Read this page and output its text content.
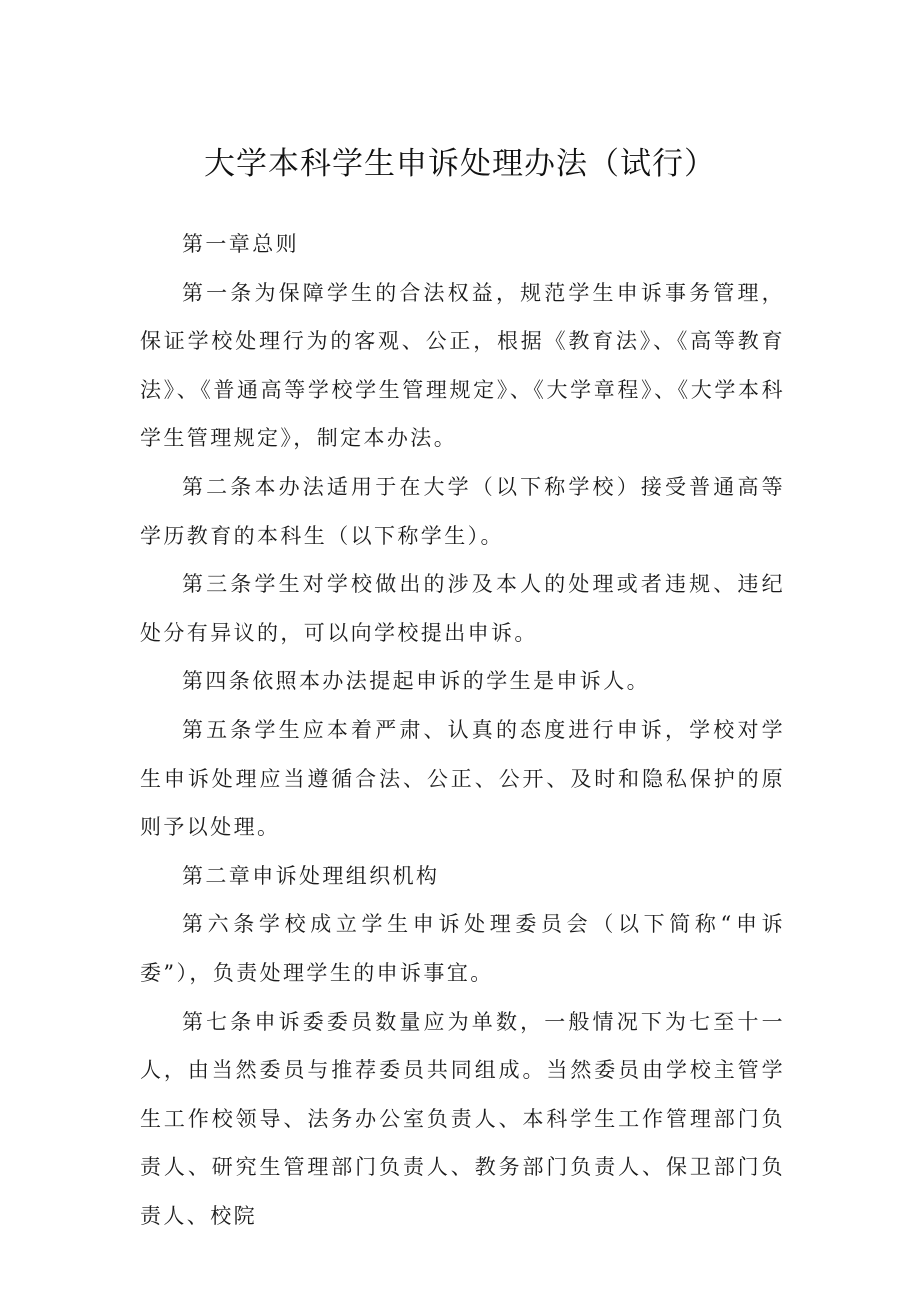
大学本科学生申诉处理办法（试行）

第一章总则

第一条为保障学生的合法权益，规范学生申诉事务管理，保证学校处理行为的客观、公正，根据《教育法》、《高等教育法》、《普通高等学校学生管理规定》、《大学章程》、《大学本科学生管理规定》，制定本办法。

第二条本办法适用于在大学（以下称学校）接受普通高等学历教育的本科生（以下称学生）。

第三条学生对学校做出的涉及本人的处理或者违规、违纪处分有异议的，可以向学校提出申诉。

第四条依照本办法提起申诉的学生是申诉人。

第五条学生应本着严肃、认真的态度进行申诉，学校对学生申诉处理应当遵循合法、公正、公开、及时和隐私保护的原则予以处理。

第二章申诉处理组织机构

第六条学校成立学生申诉处理委员会（以下简称“申诉委”），负责处理学生的申诉事宜。

第七条申诉委委员数量应为单数，一般情况下为七至十一人，由当然委员与推荐委员共同组成。当然委员由学校主管学生工作校领导、法务办公室负责人、本科学生工作管理部门负责人、研究生管理部门负责人、教务部门负责人、保卫部门负责人、校院
